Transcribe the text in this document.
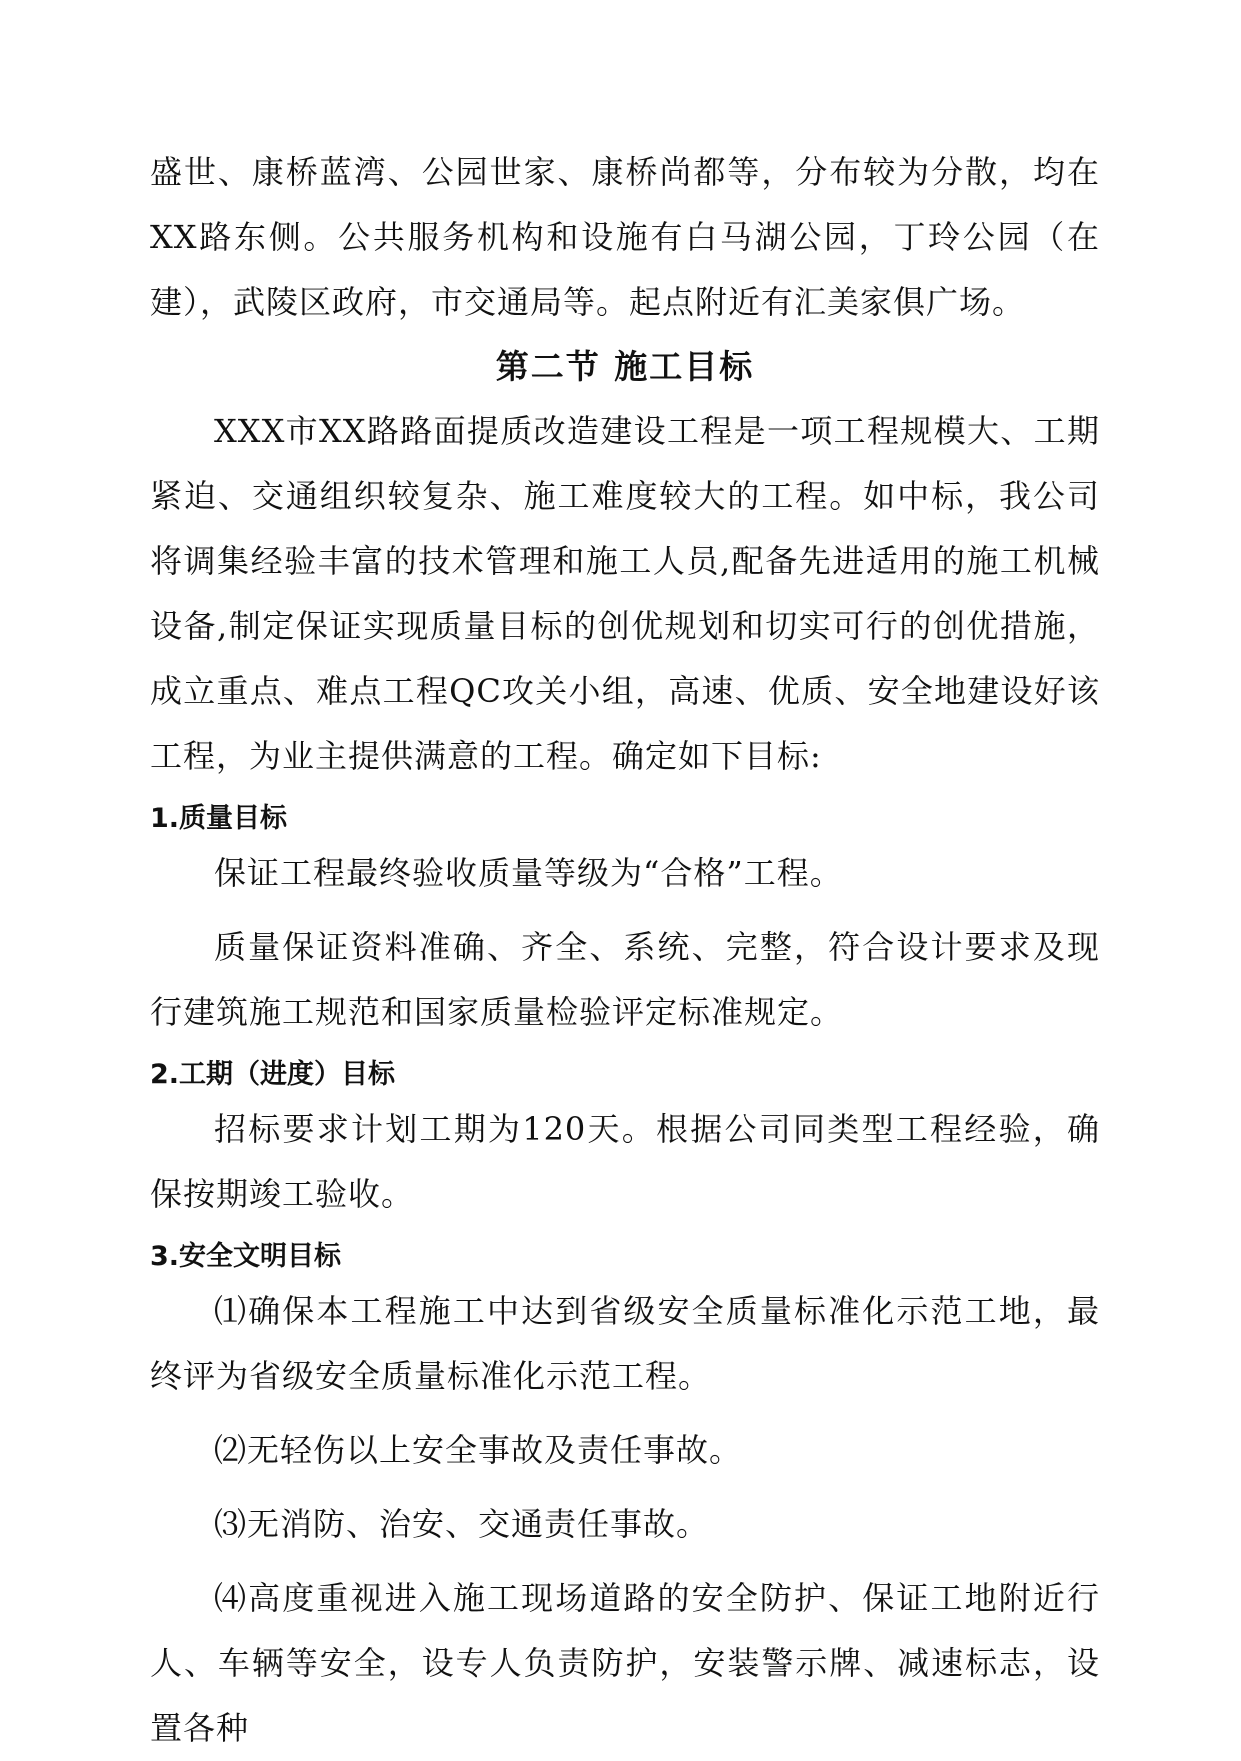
盛世、康桥蓝湾、公园世家、康桥尚都等，分布较为分散，均在XX路东侧。公共服务机构和设施有白马湖公园，丁玲公园（在建），武陵区政府，市交通局等。起点附近有汇美家俱广场。

第二节 施工目标

XXX市XX路路面提质改造建设工程是一项工程规模大、工期紧迫、交通组织较复杂、施工难度较大的工程。如中标，我公司将调集经验丰富的技术管理和施工人员,配备先进适用的施工机械设备,制定保证实现质量目标的创优规划和切实可行的创优措施，成立重点、难点工程QC攻关小组，高速、优质、安全地建设好该工程，为业主提供满意的工程。确定如下目标:

1.质量目标

保证工程最终验收质量等级为“合格”工程。

质量保证资料准确、齐全、系统、完整，符合设计要求及现行建筑施工规范和国家质量检验评定标准规定。

2.工期（进度）目标

招标要求计划工期为120天。根据公司同类型工程经验，确保按期竣工验收。

3.安全文明目标

⑴确保本工程施工中达到省级安全质量标准化示范工地，最终评为省级安全质量标准化示范工程。

⑵无轻伤以上安全事故及责任事故。

⑶无消防、治安、交通责任事故。

⑷高度重视进入施工现场道路的安全防护、保证工地附近行人、车辆等安全，设专人负责防护，安装警示牌、减速标志，设置各种
